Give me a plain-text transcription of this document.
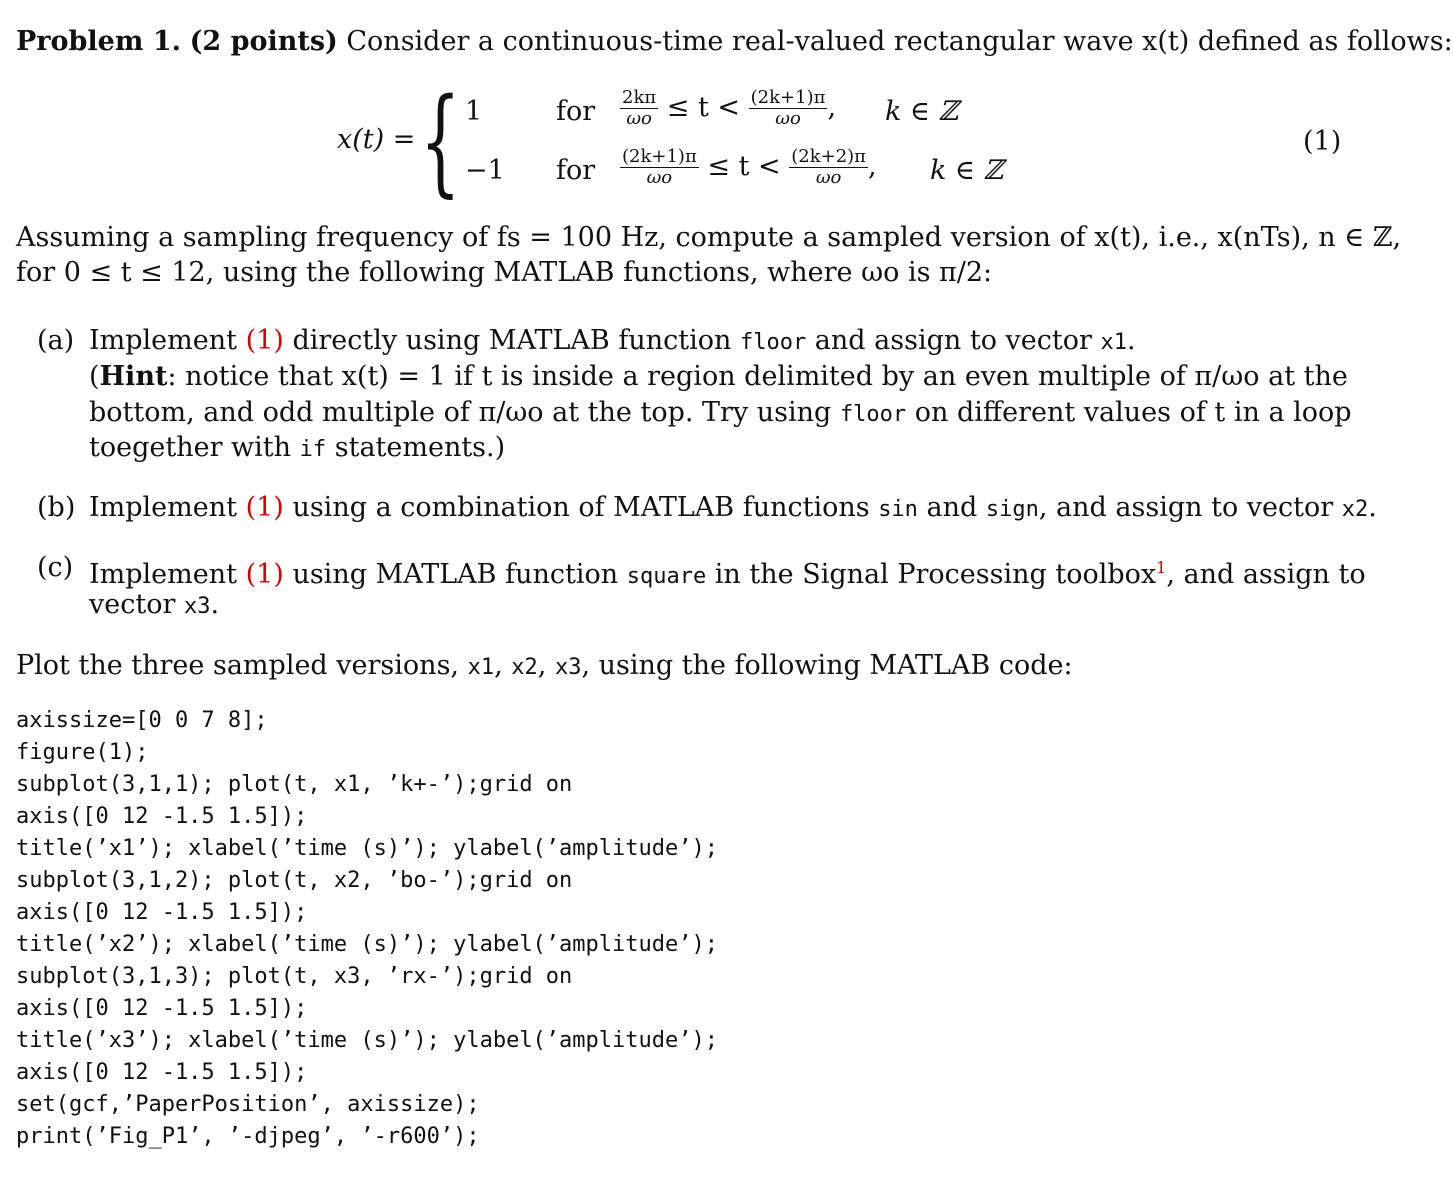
Problem 1. (2 points) Consider a continuous-time real-valued rectangular wave x(t) defined as follows:
x(t) = { 1	for $\frac{2k\pi}{\omega o} \le t < \frac{(2k+1)\pi}{\omega o}$ , k ∈ ℤ
−1 for $\frac{(2k+1)\pi}{\omega o} \le t < \frac{(2k+2)\pi}{\omega o}$ , k ∈ ℤ
(1)
Assuming a sampling frequency of fs = 100 Hz, compute a sampled version of x(t), i.e., x(nTs), n ∈ ℤ,
for 0 ≤ t ≤ 12, using the following MATLAB functions, where ωo is π/2:
(a) Implement (1) directly using MATLAB function floor and assign to vector x1.
(Hint: notice that x(t) = 1 if t is inside a region delimited by an even multiple of π/ωo at the
bottom, and odd multiple of π/ωo at the top. Try using floor on different values of t in a loop
toegether with if statements.)
(b) Implement (1) using a combination of MATLAB functions sin and sign, and assign to vector x2.
(c) Implement (1) using MATLAB function square in the Signal Processing toolbox$^1$, and assign to
vector x3.
Plot the three sampled versions, x1, x2, x3, using the following MATLAB code:
axissize=[0 0 7 8];
figure(1);
subplot(3,1,1); plot(t, x1, ’k+-’);grid on
axis([0 12 -1.5 1.5]);
title(’x1’); xlabel(’time (s)’); ylabel(’amplitude’);
subplot(3,1,2); plot(t, x2, ’bo-’);grid on
axis([0 12 -1.5 1.5]);
title(’x2’); xlabel(’time (s)’); ylabel(’amplitude’);
subplot(3,1,3); plot(t, x3, ’rx-’);grid on
axis([0 12 -1.5 1.5]);
title(’x3’); xlabel(’time (s)’); ylabel(’amplitude’);
axis([0 12 -1.5 1.5]);
set(gcf,’PaperPosition’, axissize);
print(’Fig_P1’, ’-djpeg’, ’-r600’);
